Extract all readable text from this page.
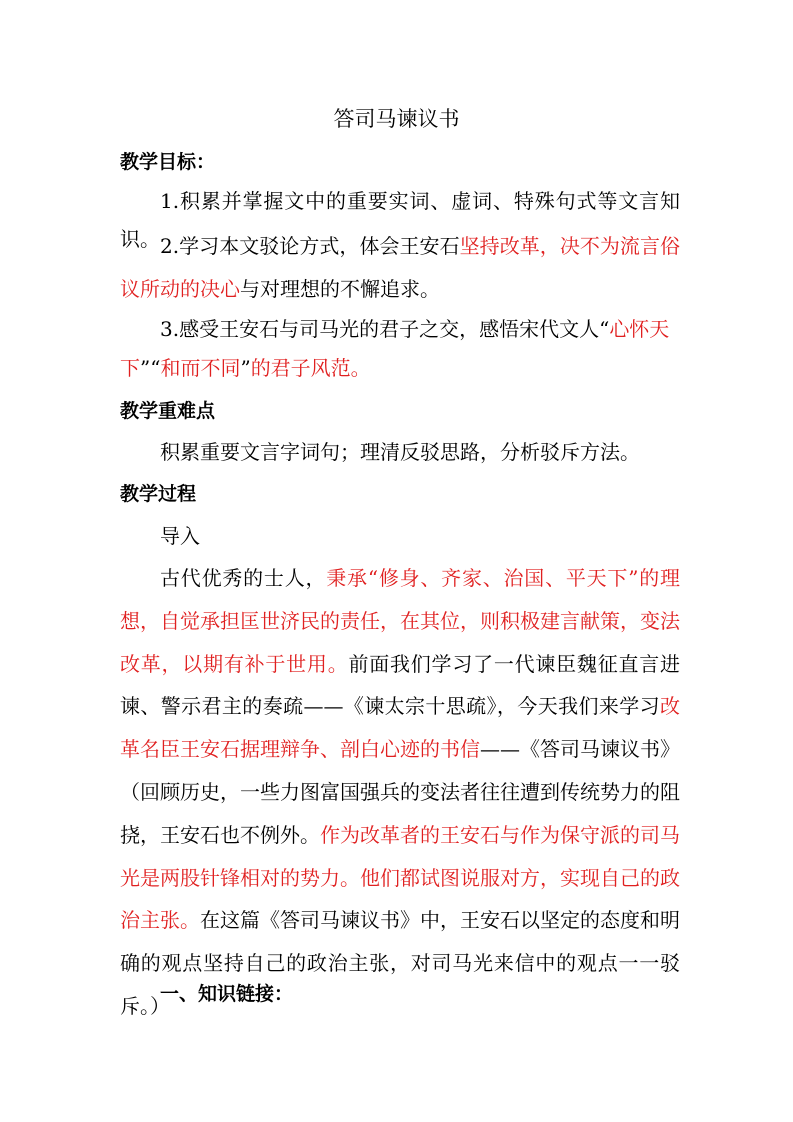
答司马谏议书
教学目标：
1.积累并掌握文中的重要实词、虚词、特殊句式等文言知识。 2.学习本文驳论方式，体会王安石坚持改革，决不为流言俗议所动的决心与对理想的不懈追求。
3.感受王安石与司马光的君子之交，感悟宋代文人“心怀天
下”“和而不同”的君子风范。
教学重难点
积累重要文言字词句；理清反驳思路，分析驳斥方法。
教学过程
导入
古代优秀的士人，秉承“修身、齐家、治国、平天下”的理想，自觉承担匡世济民的责任，在其位，则积极建言献策，变法改革，以期有补于世用。前面我们学习了一代谏臣魏征直言进谏、警示君主的奏疏——《谏太宗十思疏》，今天我们来学习改革名臣王安石据理辩争、剖白心迹的书信——《答司马谏议书》（回顾历史，一些力图富国强兵的变法者往往遭到传统势力的阻挠，王安石也不例外。作为改革者的王安石与作为保守派的司马光是两股针锋相对的势力。他们都试图说服对方，实现自己的政治主张。在这篇《答司马谏议书》中，王安石以坚定的态度和明确的观点坚持自己的政治主张，对司马光来信中的观点一一驳斥。）
一、知识链接：
